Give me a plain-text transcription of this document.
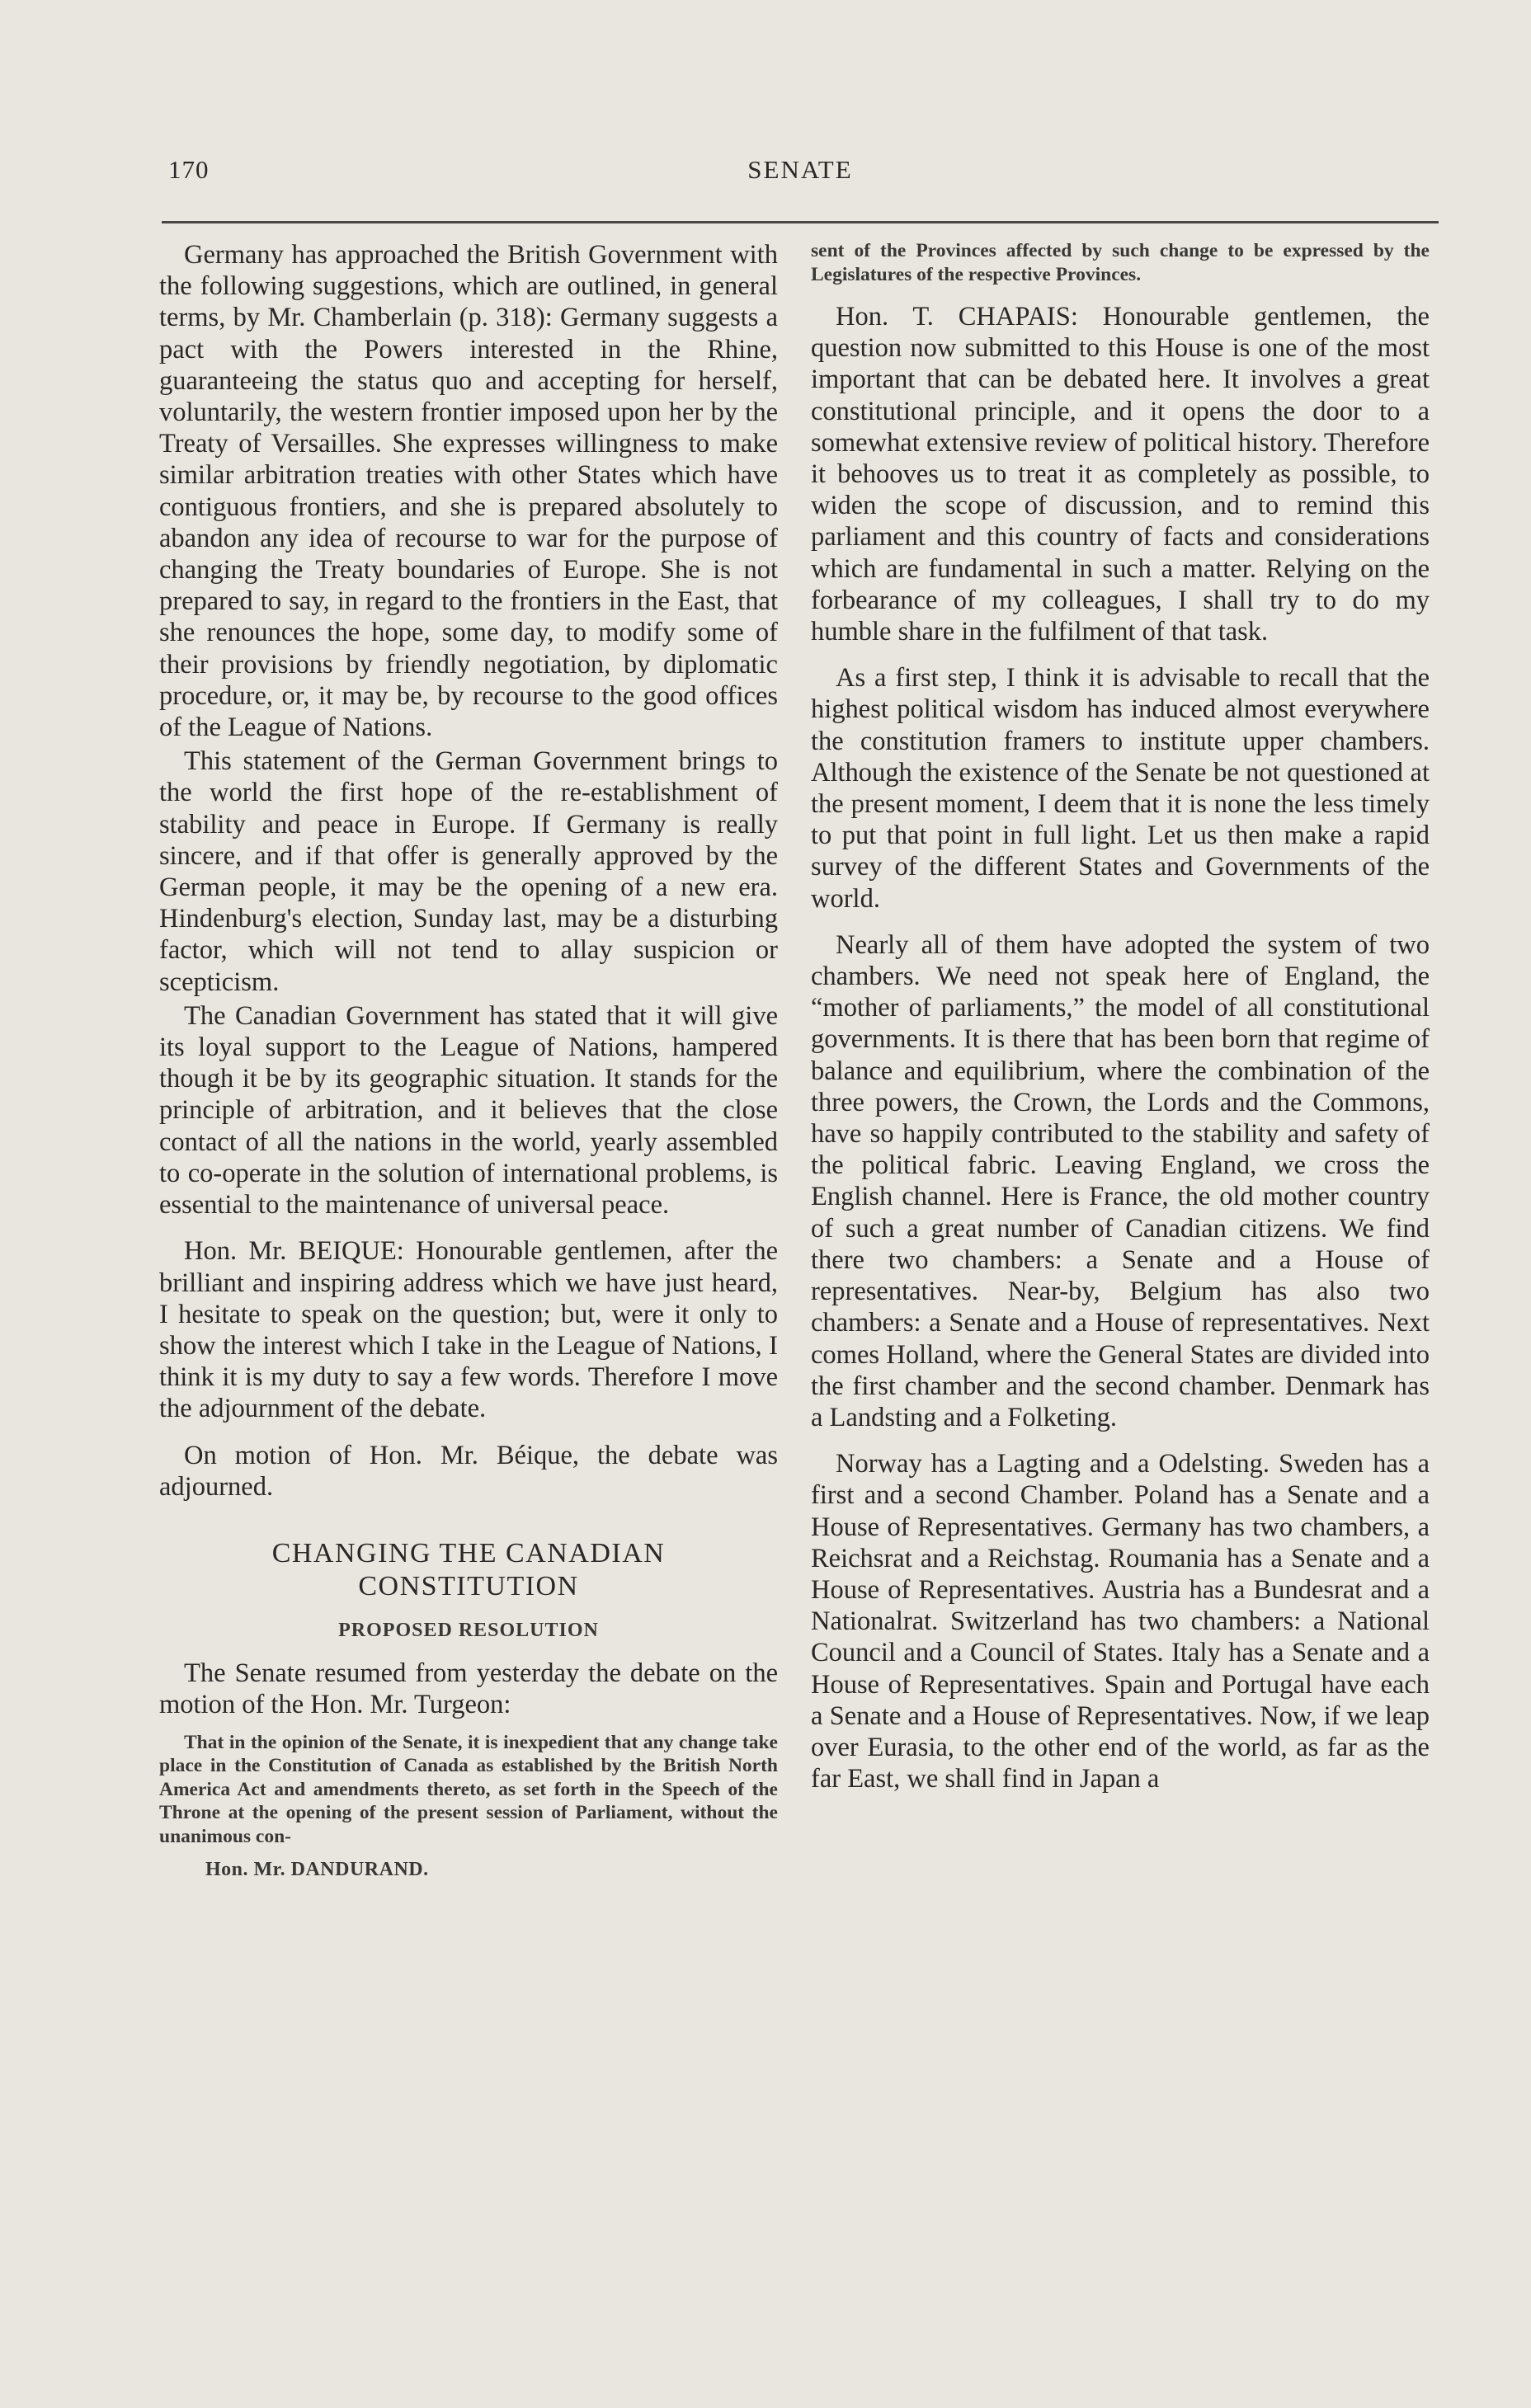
170	SENATE

Germany has approached the British Government with the following suggestions, which are outlined, in general terms, by Mr. Chamberlain (p. 318): Germany suggests a pact with the Powers interested in the Rhine, guaranteeing the status quo and accepting for herself, voluntarily, the western frontier imposed upon her by the Treaty of Versailles. She expresses willingness to make similar arbitration treaties with other States which have contiguous frontiers, and she is prepared absolutely to abandon any idea of recourse to war for the purpose of changing the Treaty boundaries of Europe. She is not prepared to say, in regard to the frontiers in the East, that she renounces the hope, some day, to modify some of their provisions by friendly negotiation, by diplomatic procedure, or, it may be, by recourse to the good offices of the League of Nations.

This statement of the German Government brings to the world the first hope of the re-establishment of stability and peace in Europe. If Germany is really sincere, and if that offer is generally approved by the German people, it may be the opening of a new era. Hindenburg's election, Sunday last, may be a disturbing factor, which will not tend to allay suspicion or scepticism.

The Canadian Government has stated that it will give its loyal support to the League of Nations, hampered though it be by its geographic situation. It stands for the principle of arbitration, and it believes that the close contact of all the nations in the world, yearly assembled to co-operate in the solution of international problems, is essential to the maintenance of universal peace.

Hon. Mr. BEIQUE: Honourable gentlemen, after the brilliant and inspiring address which we have just heard, I hesitate to speak on the question; but, were it only to show the interest which I take in the League of Nations, I think it is my duty to say a few words. Therefore I move the adjournment of the debate.

On motion of Hon. Mr. Béique, the debate was adjourned.

CHANGING THE CANADIAN CONSTITUTION
PROPOSED RESOLUTION

The Senate resumed from yesterday the debate on the motion of the Hon. Mr. Turgeon:

That in the opinion of the Senate, it is inexpedient that any change take place in the Constitution of Canada as established by the British North America Act and amendments thereto, as set forth in the Speech of the Throne at the opening of the present session of Parliament, without the unanimous con-

Hon. Mr. DANDURAND.

sent of the Provinces affected by such change to be expressed by the Legislatures of the respective Provinces.

Hon. T. CHAPAIS: Honourable gentlemen, the question now submitted to this House is one of the most important that can be debated here. It involves a great constitutional principle, and it opens the door to a somewhat extensive review of political history. Therefore it behooves us to treat it as completely as possible, to widen the scope of discussion, and to remind this parliament and this country of facts and considerations which are fundamental in such a matter. Relying on the forbearance of my colleagues, I shall try to do my humble share in the fulfilment of that task.

As a first step, I think it is advisable to recall that the highest political wisdom has induced almost everywhere the constitution framers to institute upper chambers. Although the existence of the Senate be not questioned at the present moment, I deem that it is none the less timely to put that point in full light. Let us then make a rapid survey of the different States and Governments of the world.

Nearly all of them have adopted the system of two chambers. We need not speak here of England, the “mother of parliaments,” the model of all constitutional governments. It is there that has been born that regime of balance and equilibrium, where the combination of the three powers, the Crown, the Lords and the Commons, have so happily contributed to the stability and safety of the political fabric. Leaving England, we cross the English channel. Here is France, the old mother country of such a great number of Canadian citizens. We find there two chambers: a Senate and a House of representatives. Near-by, Belgium has also two chambers: a Senate and a House of representatives. Next comes Holland, where the General States are divided into the first chamber and the second chamber. Denmark has a Landsting and a Folketing.

Norway has a Lagting and a Odelsting. Sweden has a first and a second Chamber. Poland has a Senate and a House of Representatives. Germany has two chambers, a Reichsrat and a Reichstag. Roumania has a Senate and a House of Representatives. Austria has a Bundesrat and a Nationalrat. Switzerland has two chambers: a National Council and a Council of States. Italy has a Senate and a House of Representatives. Spain and Portugal have each a Senate and a House of Representatives. Now, if we leap over Eurasia, to the other end of the world, as far as the far East, we shall find in Japan a
